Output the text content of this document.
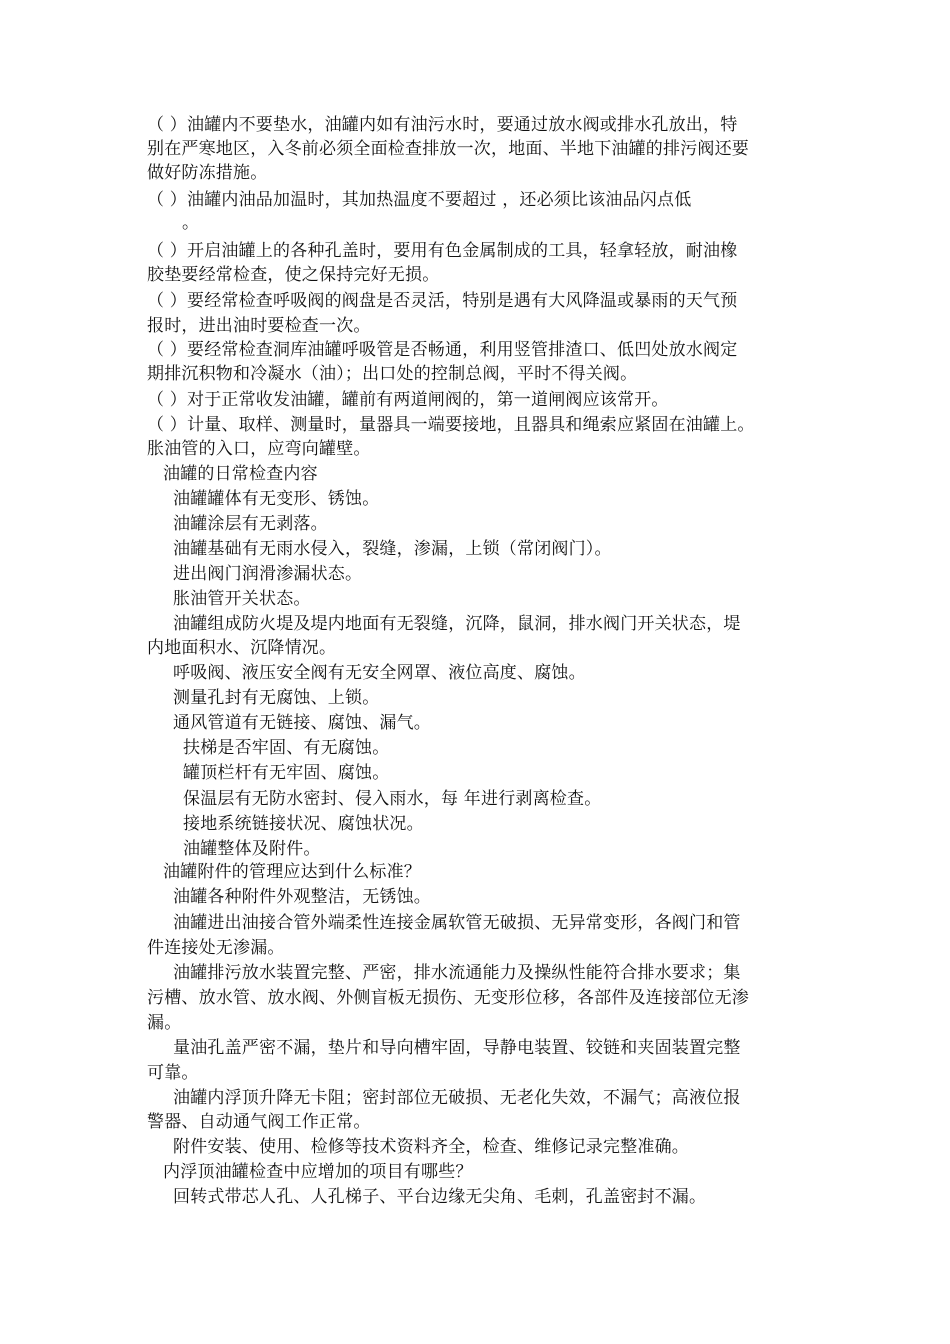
（ ）油罐内不要垫水，油罐内如有油污水时，要通过放水阀或排水孔放出，特
别在严寒地区，入冬前必须全面检查排放一次，地面、半地下油罐的排污阀还要
做好防冻措施。
（ ）油罐内油品加温时，其加热温度不要超过 ，还必须比该油品闪点低
。
（ ）开启油罐上的各种孔盖时，要用有色金属制成的工具，轻拿轻放，耐油橡
胶垫要经常检查，使之保持完好无损。
（ ）要经常检查呼吸阀的阀盘是否灵活，特别是遇有大风降温或暴雨的天气预
报时，进出油时要检查一次。
（ ）要经常检查洞库油罐呼吸管是否畅通，利用竖管排渣口、低凹处放水阀定
期排沉积物和冷凝水（油）；出口处的控制总阀，平时不得关阀。
（ ）对于正常收发油罐，罐前有两道闸阀的，第一道闸阀应该常开。
（ ）计量、取样、测量时，量器具一端要接地，且器具和绳索应紧固在油罐上。
胀油管的入口，应弯向罐壁。
油罐的日常检查内容
油罐罐体有无变形、锈蚀。
油罐涂层有无剥落。
油罐基础有无雨水侵入，裂缝，渗漏，上锁（常闭阀门）。
进出阀门润滑渗漏状态。
胀油管开关状态。
油罐组成防火堤及堤内地面有无裂缝，沉降，鼠洞，排水阀门开关状态，堤
内地面积水、沉降情况。
呼吸阀、液压安全阀有无安全网罩、液位高度、腐蚀。
测量孔封有无腐蚀、上锁。
通风管道有无链接、腐蚀、漏气。
扶梯是否牢固、有无腐蚀。
罐顶栏杆有无牢固、腐蚀。
保温层有无防水密封、侵入雨水，每 年进行剥离检查。
接地系统链接状况、腐蚀状况。
油罐整体及附件。
油罐附件的管理应达到什么标准？
油罐各种附件外观整洁，无锈蚀。
油罐进出油接合管外端柔性连接金属软管无破损、无异常变形，各阀门和管
件连接处无渗漏。
油罐排污放水装置完整、严密，排水流通能力及操纵性能符合排水要求；集
污槽、放水管、放水阀、外侧盲板无损伤、无变形位移，各部件及连接部位无渗
漏。
量油孔盖严密不漏，垫片和导向槽牢固，导静电装置、铰链和夹固装置完整
可靠。
油罐内浮顶升降无卡阻；密封部位无破损、无老化失效，不漏气；高液位报
警器、自动通气阀工作正常。
附件安装、使用、检修等技术资料齐全，检查、维修记录完整准确。
内浮顶油罐检查中应增加的项目有哪些？
回转式带芯人孔、人孔梯子、平台边缘无尖角、毛刺，孔盖密封不漏。
